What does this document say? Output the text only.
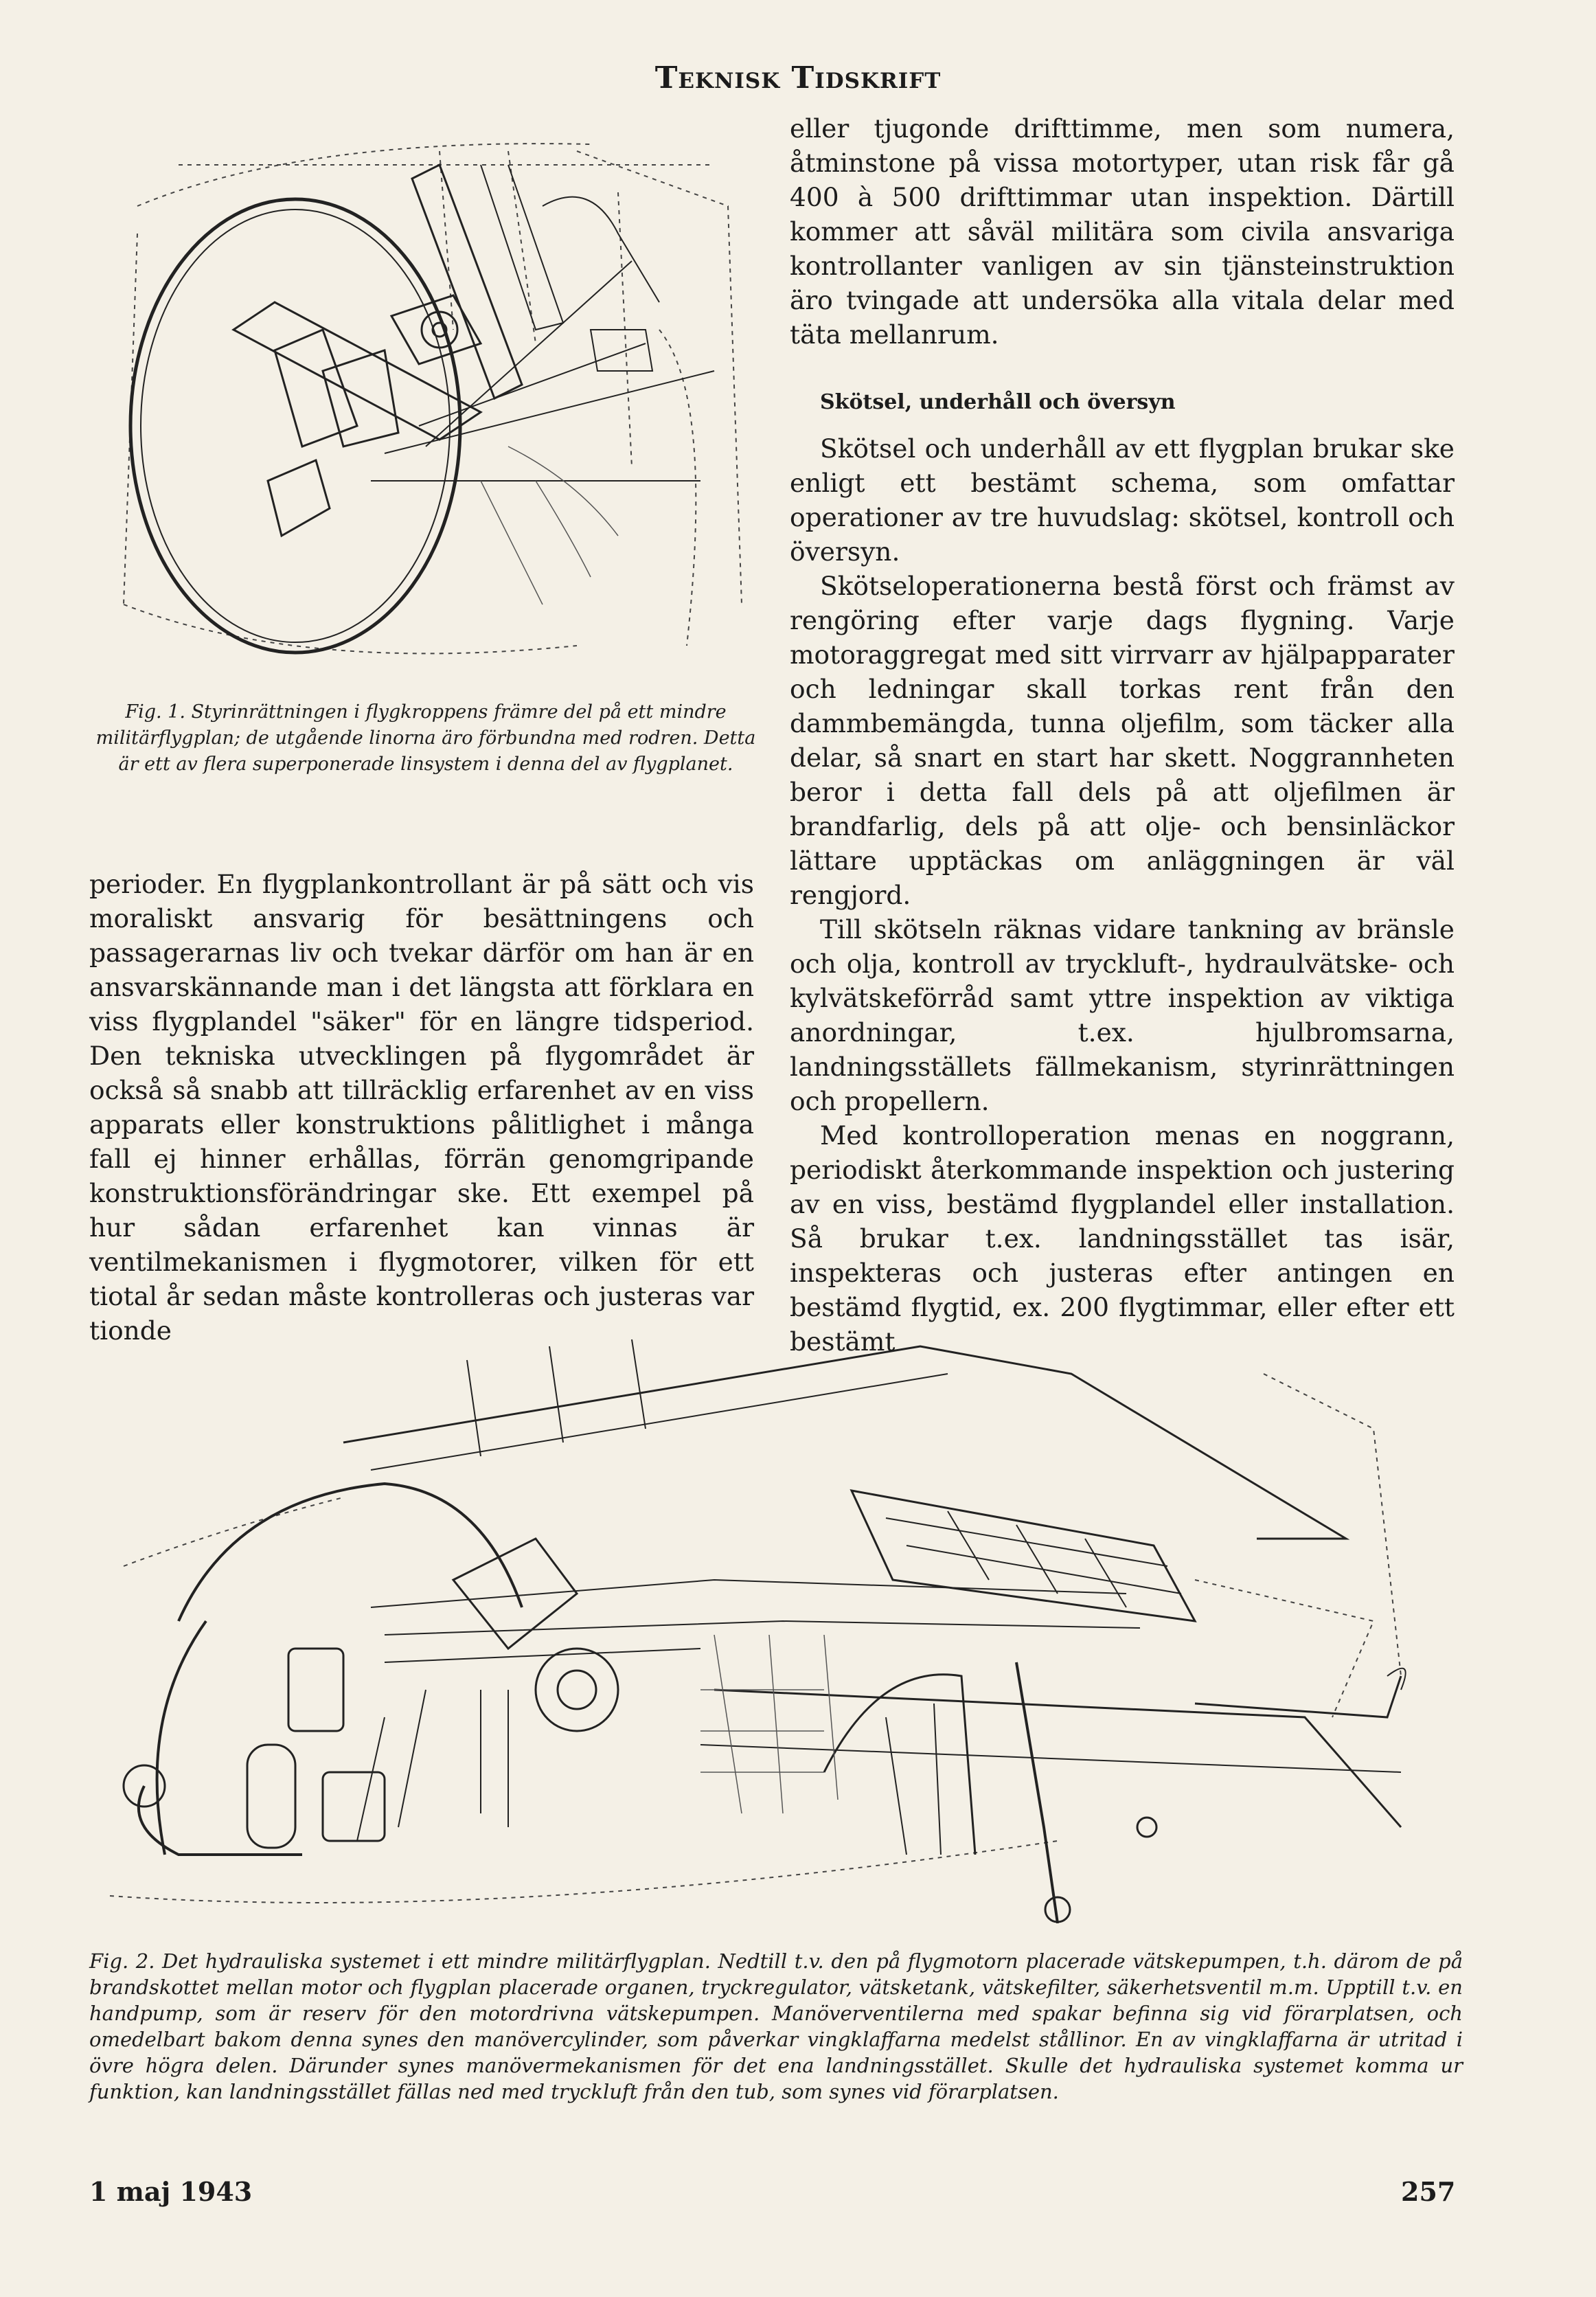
Teknisk Tidskrift
Fig. 1. Styrinrättningen i flygkroppens främre del på ett mindre militärflygplan; de utgående linorna äro förbundna med rodren. Detta är ett av flera superponerade linsystem i denna del av flygplanet.

perioder. En flygplankontrollant är på sätt och vis moraliskt ansvarig för besättningens och passagerarnas liv och tvekar därför om han är en ansvarskännande man i det längsta att förklara en viss flygplandel "säker" för en längre tidsperiod. Den tekniska utvecklingen på flygområdet är också så snabb att tillräcklig erfarenhet av en viss apparats eller konstruktions pålitlighet i många fall ej hinner erhållas, förrän genomgripande konstruktionsförändringar ske. Ett exempel på hur sådan erfarenhet kan vinnas är ventilmekanismen i flygmotorer, vilken för ett tiotal år sedan måste kontrolleras och justeras var tionde

eller tjugonde drifttimme, men som numera, åtminstone på vissa motortyper, utan risk får gå 400 à 500 drifttimmar utan inspektion. Därtill kommer att såväl militära som civila ansvariga kontrollanter vanligen av sin tjänsteinstruktion äro tvingade att undersöka alla vitala delar med täta mellanrum.

Skötsel, underhåll och översyn

Skötsel och underhåll av ett flygplan brukar ske enligt ett bestämt schema, som omfattar operationer av tre huvudslag: skötsel, kontroll och översyn.

Skötseloperationerna bestå först och främst av rengöring efter varje dags flygning. Varje motoraggregat med sitt virrvarr av hjälpapparater och ledningar skall torkas rent från den dammbemängda, tunna oljefilm, som täcker alla delar, så snart en start har skett. Noggrannheten beror i detta fall dels på att oljefilmen är brandfarlig, dels på att olje- och bensinläckor lättare upptäckas om anläggningen är väl rengjord.

Till skötseln räknas vidare tankning av bränsle och olja, kontroll av tryckluft-, hydraulvätske- och kylvätskeförråd samt yttre inspektion av viktiga anordningar, t.ex. hjulbromsarna, landningsställets fällmekanism, styrinrättningen och propellern.

Med kontrolloperation menas en noggrann, periodiskt återkommande inspektion och justering av en viss, bestämd flygplandel eller installation. Så brukar t.ex. landningsstället tas isär, inspekteras och justeras efter antingen en bestämd flygtid, ex. 200 flygtimmar, eller efter ett bestämt

Fig. 2. Det hydrauliska systemet i ett mindre militärflygplan. Nedtill t.v. den på flygmotorn placerade vätskepumpen, t.h. därom de på brandskottet mellan motor och flygplan placerade organen, tryckregulator, vätsketank, vätskefilter, säkerhetsventil m.m. Upptill t.v. en handpump, som är reserv för den motordrivna vätskepumpen. Manöverventilerna med spakar befinna sig vid förarplatsen, och omedelbart bakom denna synes den manövercylinder, som påverkar vingklaffarna medelst stållinor. En av vingklaffarna är utritad i övre högra delen. Därunder synes manövermekanismen för det ena landningsstället. Skulle det hydrauliska systemet komma ur funktion, kan landningsstället fällas ned med tryckluft från den tub, som synes vid förarplatsen.
1 maj 1943	257
